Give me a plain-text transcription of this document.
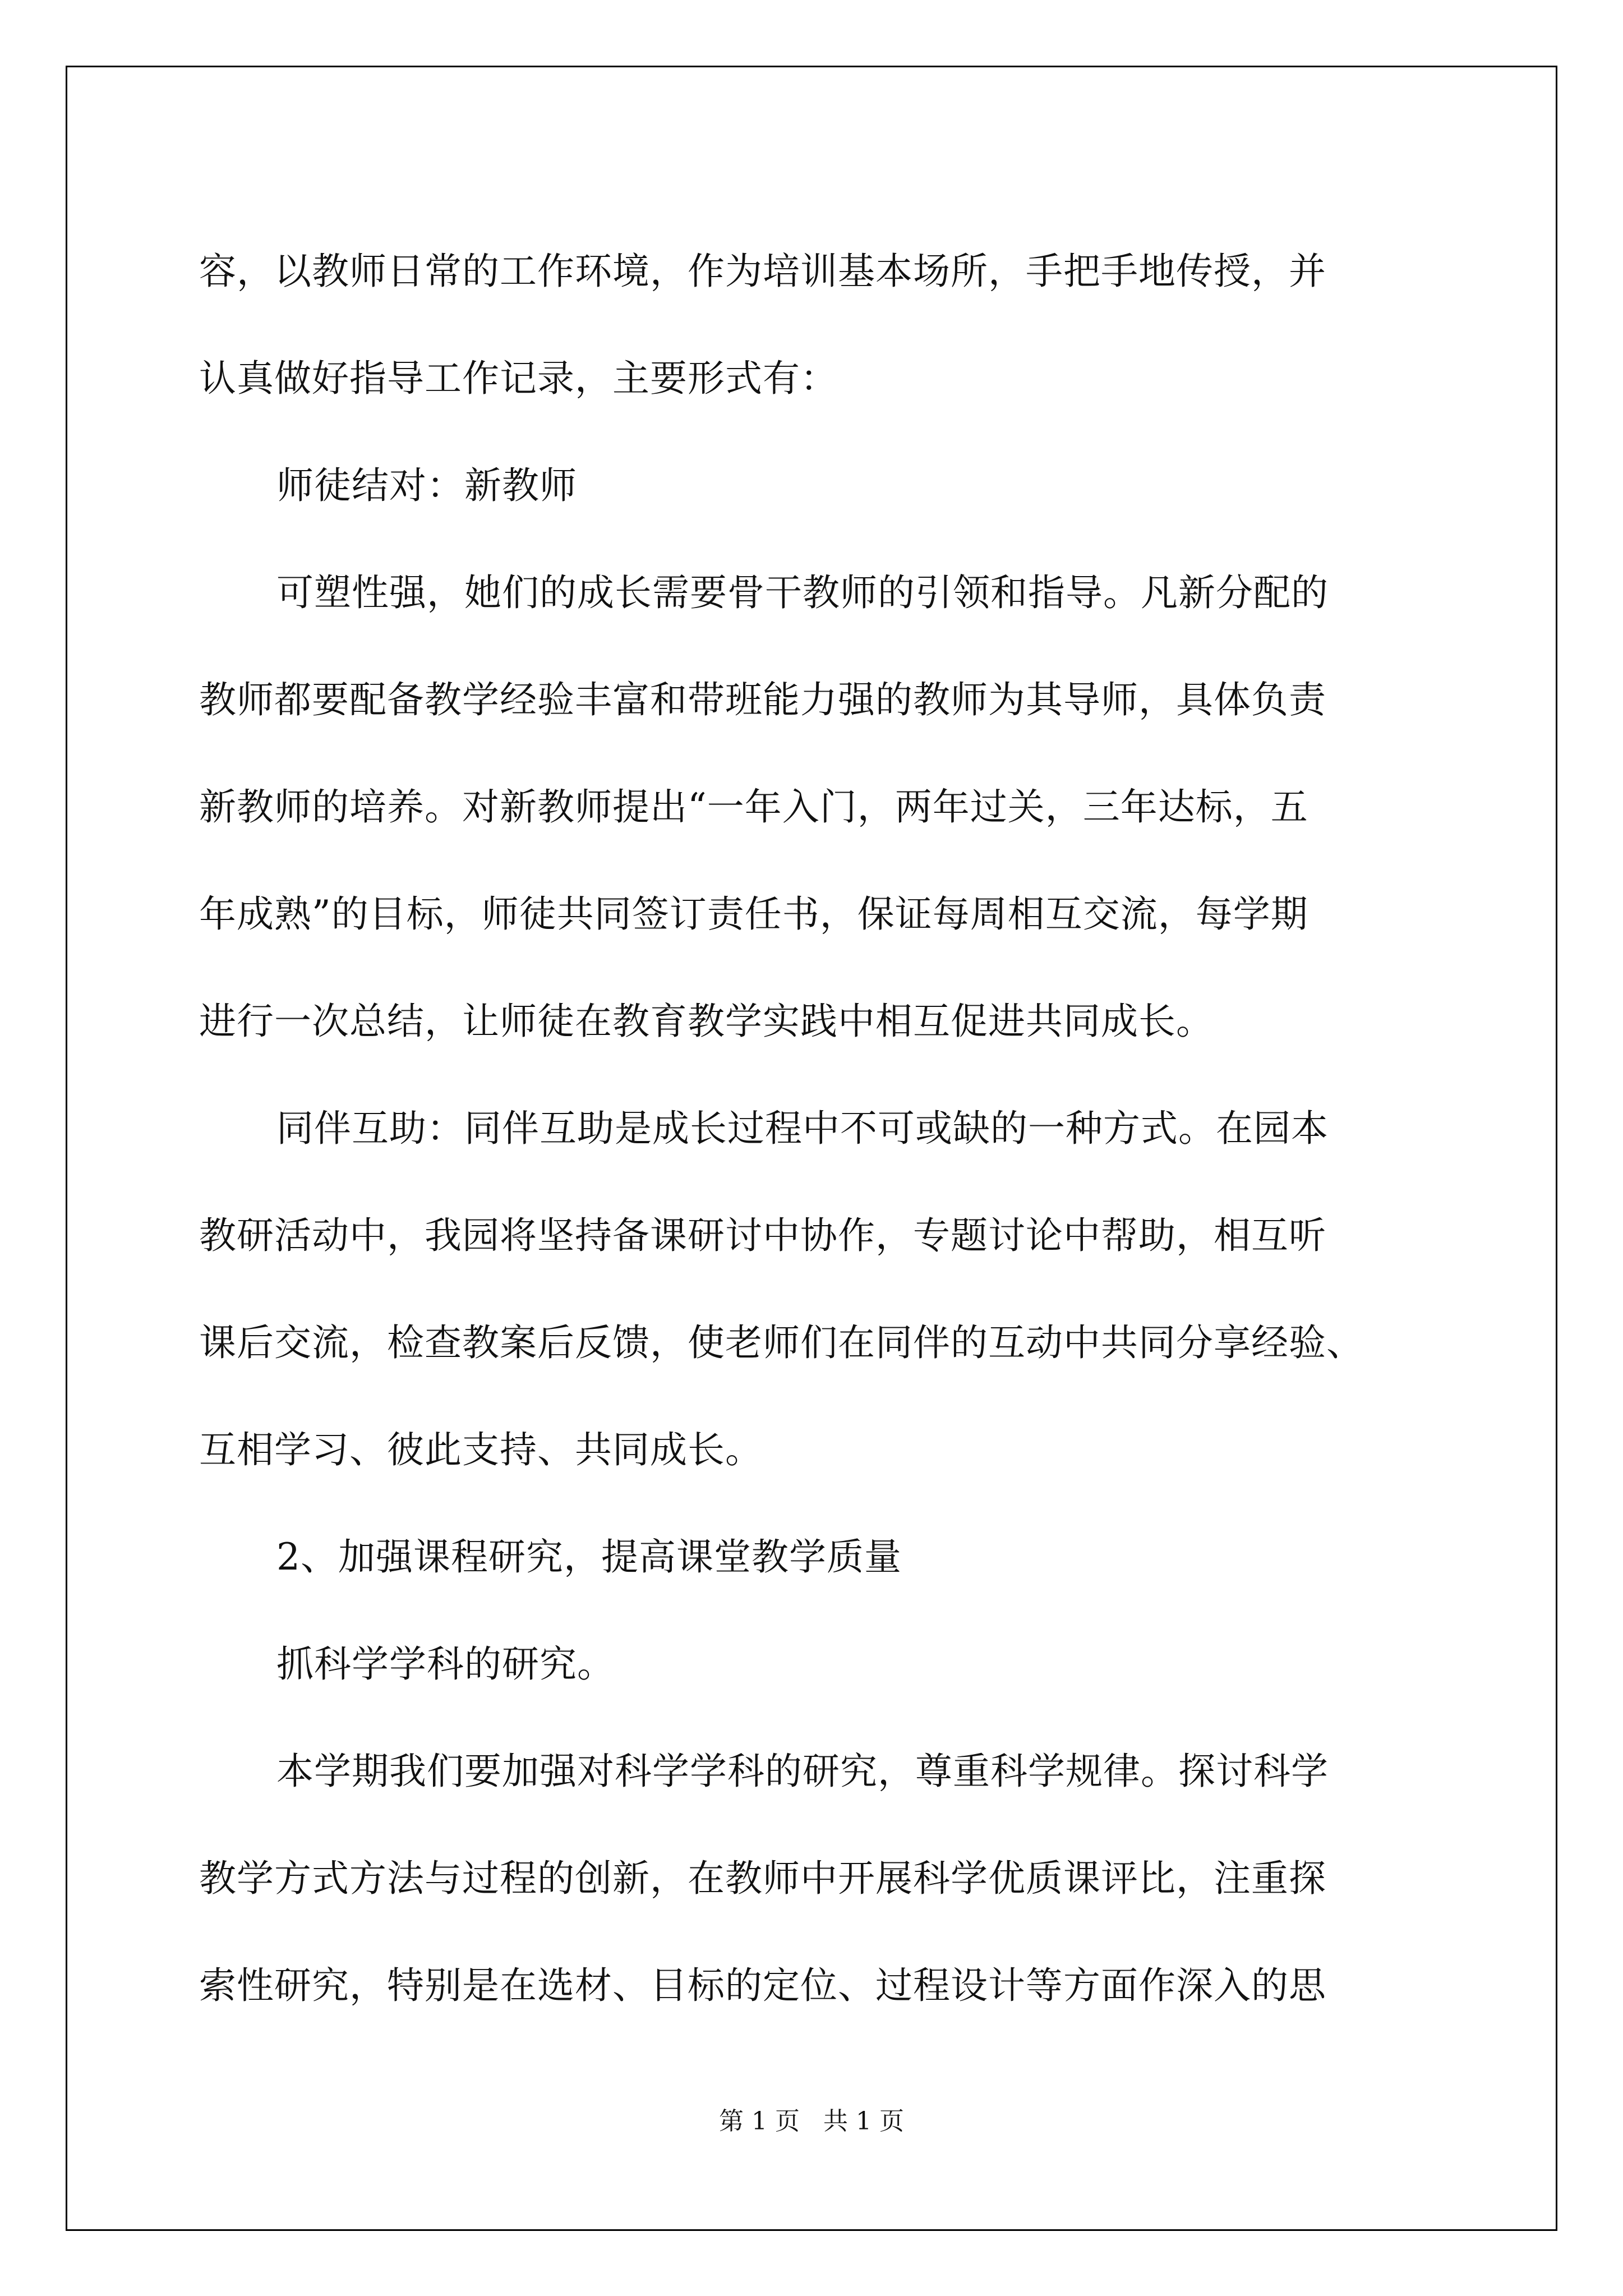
容，以教师日常的工作环境，作为培训基本场所，手把手地传授，并
认真做好指导工作记录，主要形式有：
师徒结对：新教师
可塑性强，她们的成长需要骨干教师的引领和指导。凡新分配的
教师都要配备教学经验丰富和带班能力强的教师为其导师，具体负责
新教师的培养。对新教师提出“一年入门，两年过关，三年达标，五
年成熟”的目标，师徒共同签订责任书，保证每周相互交流，每学期
进行一次总结，让师徒在教育教学实践中相互促进共同成长。
同伴互助：同伴互助是成长过程中不可或缺的一种方式。在园本
教研活动中，我园将坚持备课研讨中协作，专题讨论中帮助，相互听
课后交流，检查教案后反馈，使老师们在同伴的互动中共同分享经验、
互相学习、彼此支持、共同成长。
2、加强课程研究，提高课堂教学质量
抓科学学科的研究。
本学期我们要加强对科学学科的研究，尊重科学规律。探讨科学
教学方式方法与过程的创新，在教师中开展科学优质课评比，注重探
索性研究，特别是在选材、目标的定位、过程设计等方面作深入的思
第 1 页   共 1 页
